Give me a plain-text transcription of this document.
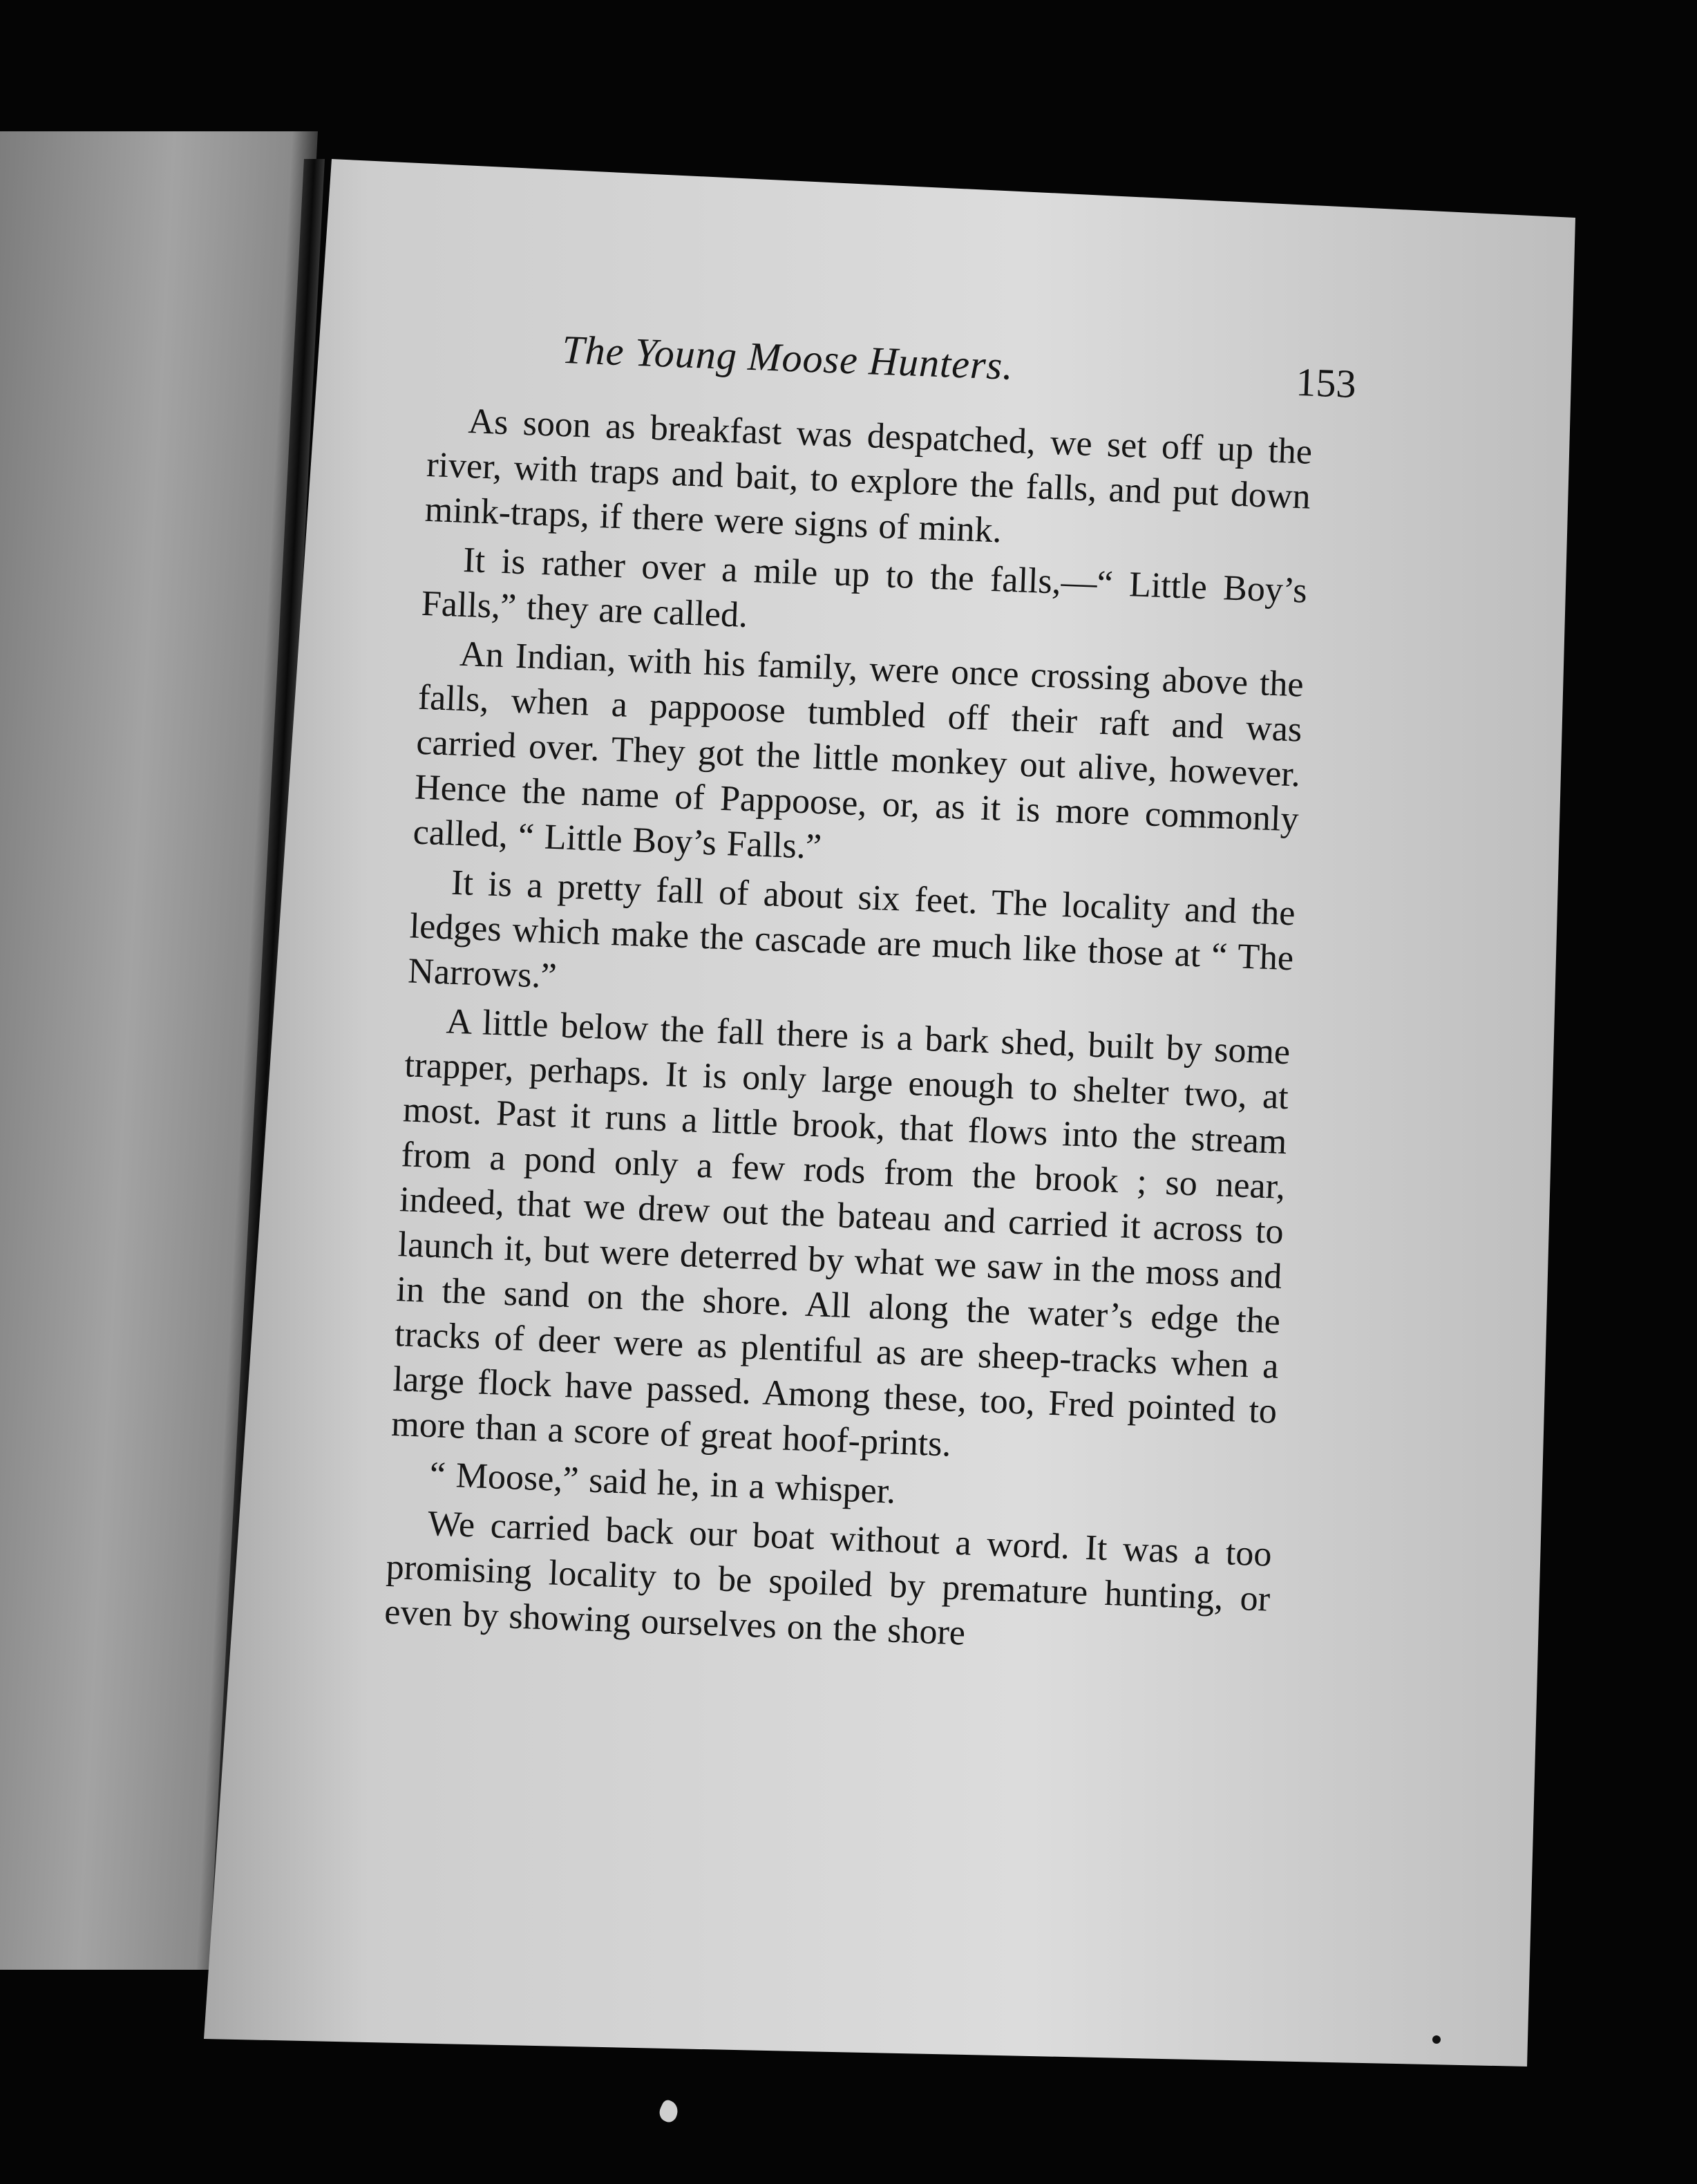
The Young Moose Hunters.	153

As soon as breakfast was despatched, we set off up the river, with traps and bait, to explore the falls, and put down mink-traps, if there were signs of mink.

It is rather over a mile up to the falls,—“ Little Boy’s Falls,” they are called.

An Indian, with his family, were once crossing above the falls, when a pappoose tumbled off their raft and was carried over. They got the little monkey out alive, however. Hence the name of Pappoose, or, as it is more commonly called, “ Little Boy’s Falls.”

It is a pretty fall of about six feet. The locality and the ledges which make the cascade are much like those at “ The Narrows.”

A little below the fall there is a bark shed, built by some trapper, perhaps. It is only large enough to shelter two, at most. Past it runs a little brook, that flows into the stream from a pond only a few rods from the brook ; so near, indeed, that we drew out the bateau and carried it across to launch it, but were deterred by what we saw in the moss and in the sand on the shore. All along the water’s edge the tracks of deer were as plentiful as are sheep-tracks when a large flock have passed. Among these, too, Fred pointed to more than a score of great hoof-prints.

“ Moose,” said he, in a whisper.

We carried back our boat without a word. It was a too promising locality to be spoiled by premature hunting, or even by showing ourselves on the shore
